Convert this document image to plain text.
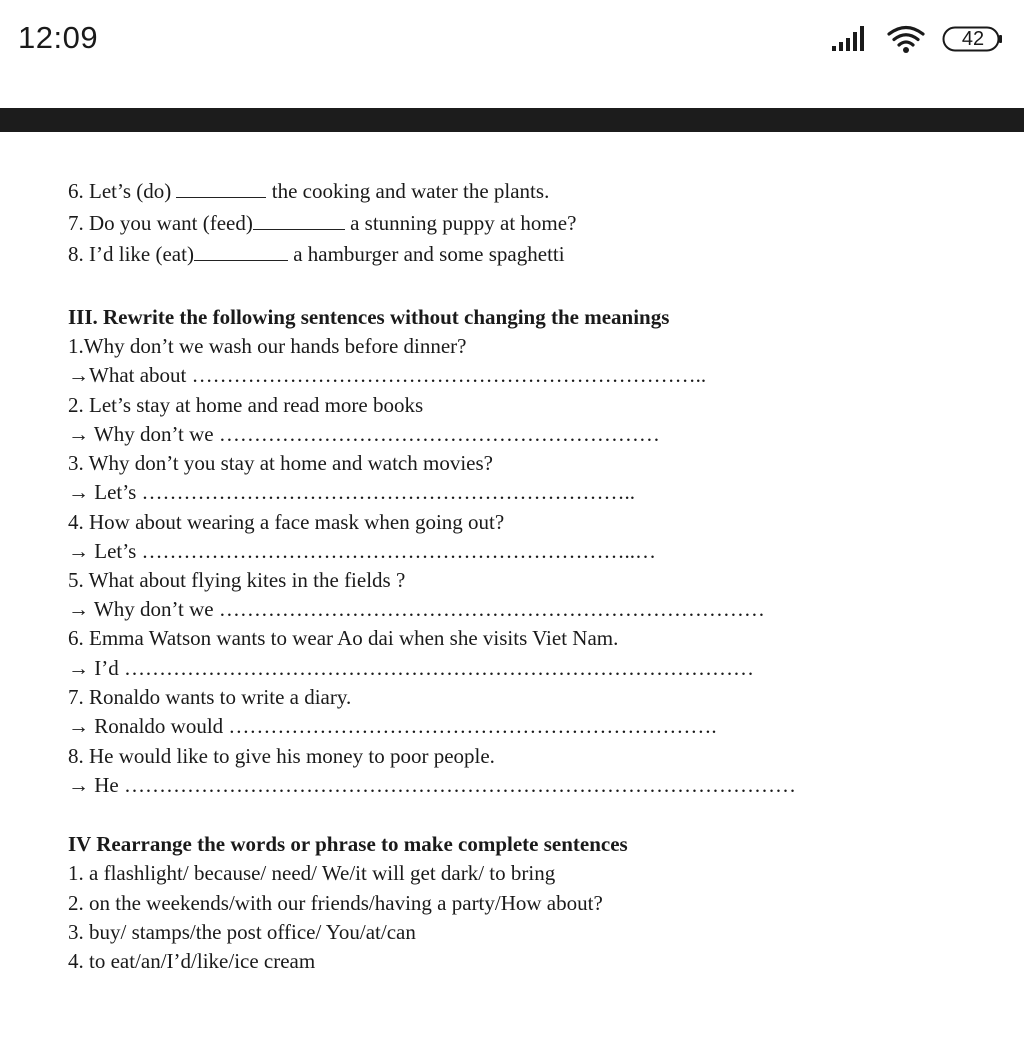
12:09	42
6. Let’s (do)	the cooking and water the plants.
7. Do you want (feed)	a stunning puppy at home?
8. I’d like (eat)	a hamburger and some spaghetti
III. Rewrite the following sentences without changing the meanings
1.Why don’t we wash our hands before dinner?
→What about ………………………………………………………………..
2. Let’s stay at home and read more books
→ Why don’t we ………………………………………………………
3. Why don’t you stay at home and watch movies?
→ Let’s ……………………………………………………………..
4. How about wearing a face mask when going out?
→ Let’s ……………………………………………………………..…
5. What about flying kites in the fields ?
→ Why don’t we ……………………………………………………………………
6. Emma Watson wants to wear Ao dai when she visits Viet Nam.
→ I’d ………………………………………………………………………………
7. Ronaldo wants to write a diary.
→ Ronaldo would …………………………………………………………….
8. He would like to give his money to poor people.
→ He ……………………………………………………………………………………
IV Rearrange the words or phrase to make complete sentences
1. a flashlight/ because/ need/ We/it will get dark/ to bring
2. on the weekends/with our friends/having a party/How about?
3. buy/ stamps/the post office/ You/at/can
4. to eat/an/I’d/like/ice cream
